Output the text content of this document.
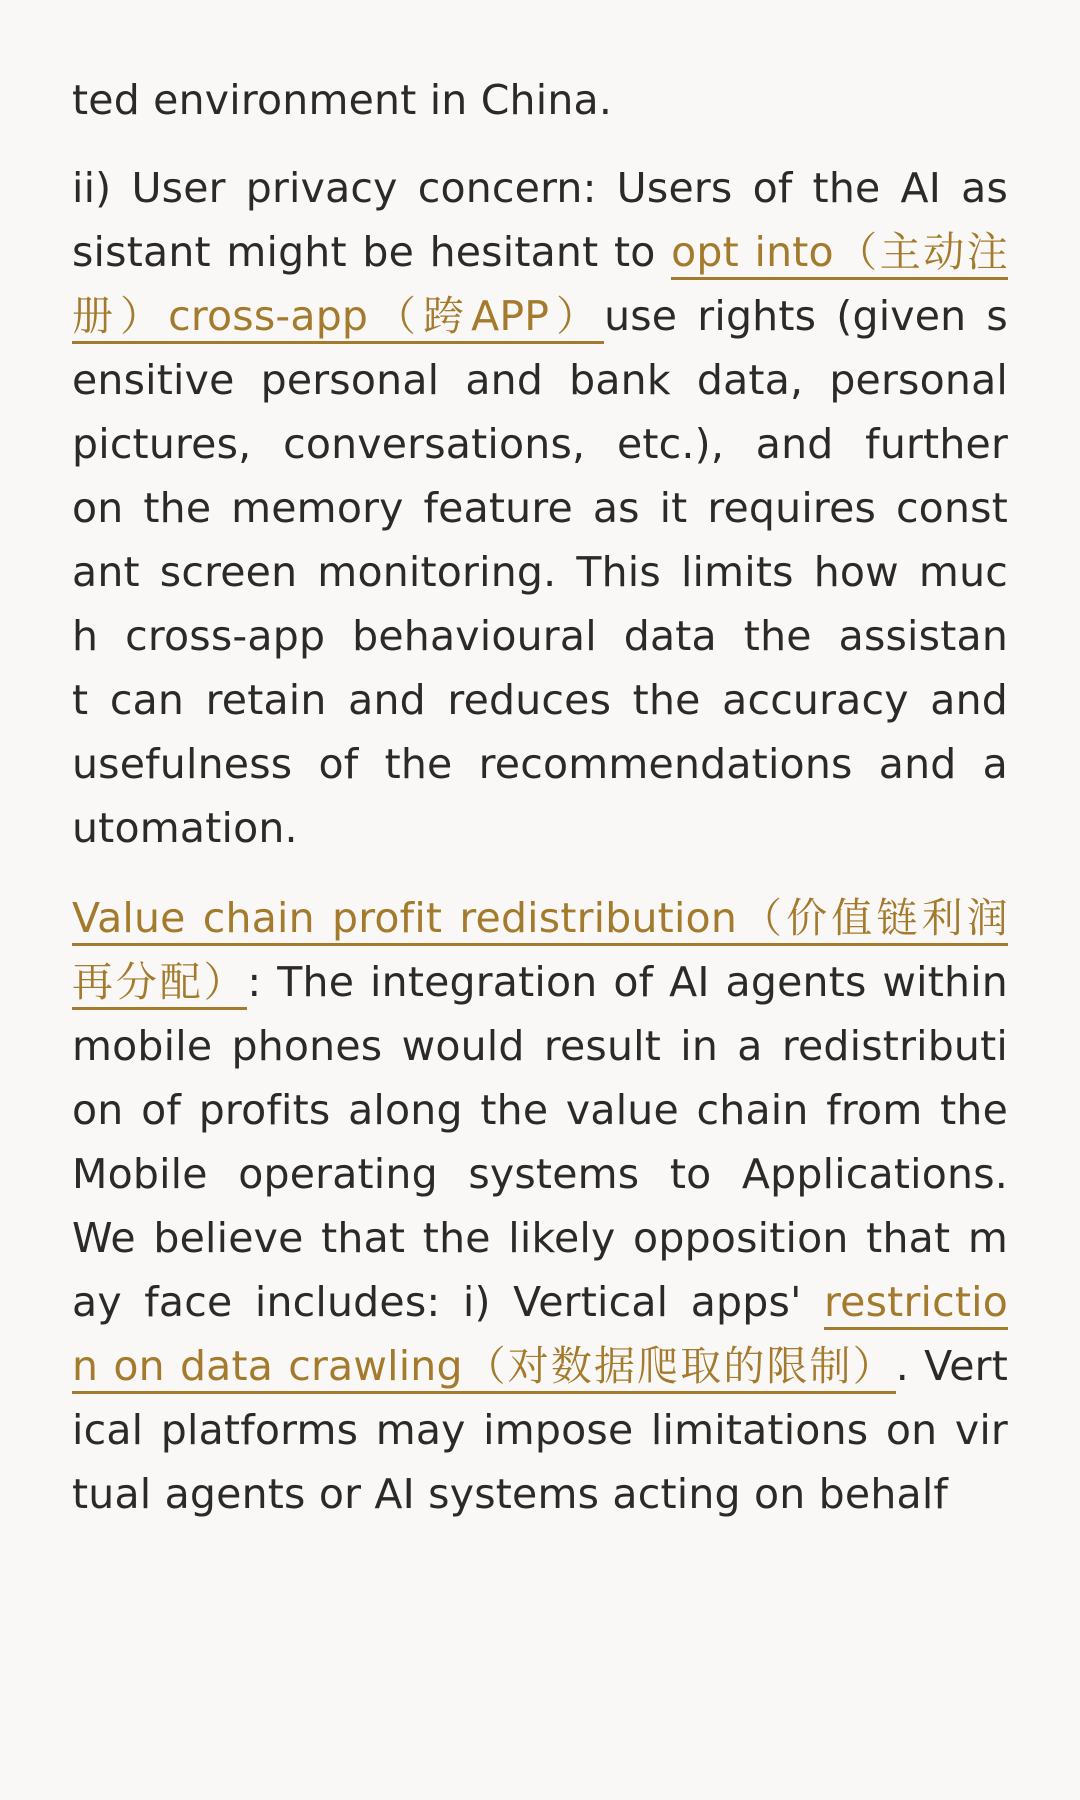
ted environment in China.
ii) User privacy concern: Users of the AI as
sistant might be hesitant to opt into（主动注
册）cross-app（跨APP）use rights (given s
ensitive personal and bank data, personal
pictures, conversations, etc.), and further
on the memory feature as it requires const
ant screen monitoring. This limits how muc
h cross-app behavioural data the assistan
t can retain and reduces the accuracy and
usefulness of the recommendations and a
utomation.
Value chain profit redistribution（价值链利润
再分配）: The integration of AI agents within
mobile phones would result in a redistributi
on of profits along the value chain from the
Mobile operating systems to Applications.
We believe that the likely opposition that m
ay face includes: i) Vertical apps' restrictio
n on data crawling（对数据爬取的限制）. Vert
ical platforms may impose limitations on vir
tual agents or AI systems acting on behalf
